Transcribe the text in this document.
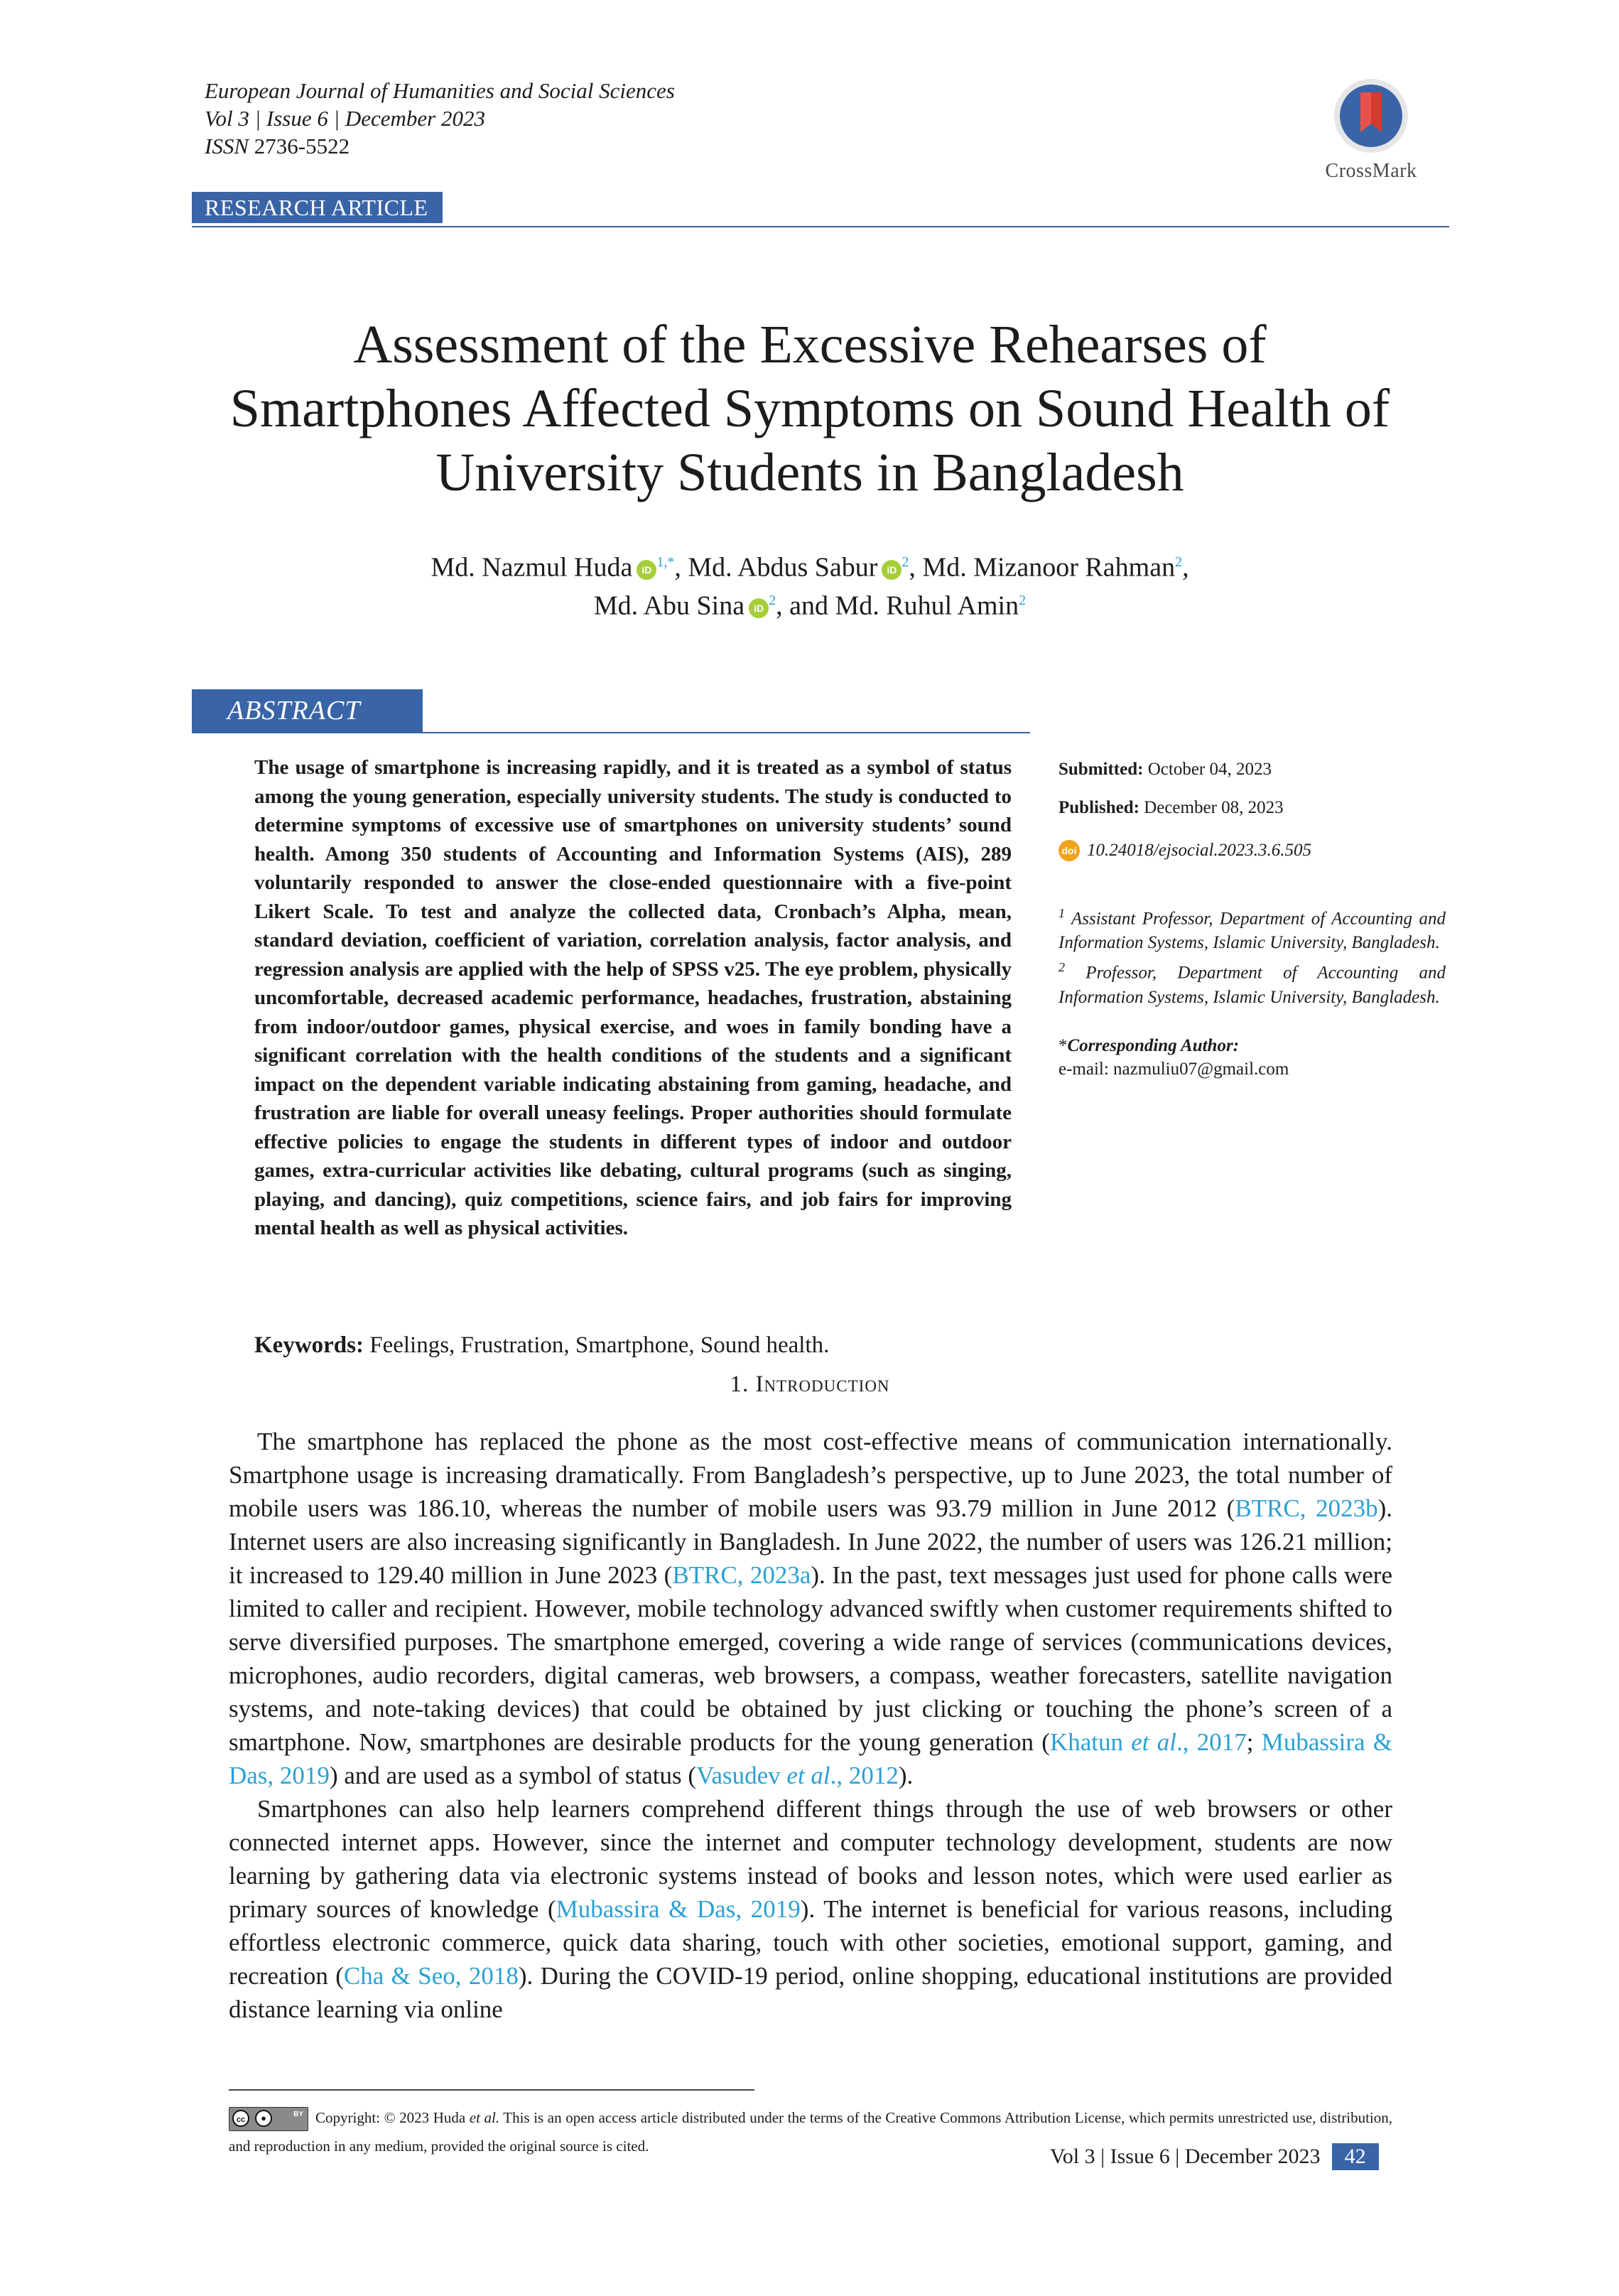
European Journal of Humanities and Social Sciences
Vol 3 | Issue 6 | December 2023
ISSN 2736-5522
CrossMark
RESEARCH ARTICLE
Assessment of the Excessive Rehearses of Smartphones Affected Symptoms on Sound Health of University Students in Bangladesh
Md. Nazmul Huda iD $^{1,*}$, Md. Abdus Sabur iD $^2$, Md. Mizanoor Rahman$^2$,
Md. Abu Sina iD $^2$, and Md. Ruhul Amin$^2$
ABSTRACT
The usage of smartphone is increasing rapidly, and it is treated as a symbol of status among the young generation, especially university students. The study is conducted to determine symptoms of excessive use of smartphones on university students’ sound health. Among 350 students of Accounting and Information Systems (AIS), 289 voluntarily responded to answer the close-ended questionnaire with a five-point Likert Scale. To test and analyze the collected data, Cronbach’s Alpha, mean, standard deviation, coefficient of variation, correlation analysis, factor analysis, and regression analysis are applied with the help of SPSS v25. The eye problem, physically uncomfortable, decreased academic performance, headaches, frustration, abstaining from indoor/outdoor games, physical exercise, and woes in family bonding have a significant correlation with the health conditions of the students and a significant impact on the dependent variable indicating abstaining from gaming, headache, and frustration are liable for overall uneasy feelings. Proper authorities should formulate effective policies to engage the students in different types of indoor and outdoor games, extra-curricular activities like debating, cultural programs (such as singing, playing, and dancing), quiz competitions, science fairs, and job fairs for improving mental health as well as physical activities.
Submitted: October 04, 2023
Published: December 08, 2023
doi 10.24018/ejsocial.2023.3.6.505
$^1$ Assistant Professor, Department of Accounting and Information Systems, Islamic University, Bangladesh.
$^2$ Professor, Department of Accounting and Information Systems, Islamic University, Bangladesh.
*Corresponding Author:
e-mail: nazmuliu07@gmail.com
Keywords: Feelings, Frustration, Smartphone, Sound health.
1. Introduction

The smartphone has replaced the phone as the most cost-effective means of communication internationally. Smartphone usage is increasing dramatically. From Bangladesh’s perspective, up to June 2023, the total number of mobile users was 186.10, whereas the number of mobile users was 93.79 million in June 2012 (BTRC, 2023b). Internet users are also increasing significantly in Bangladesh. In June 2022, the number of users was 126.21 million; it increased to 129.40 million in June 2023 (BTRC, 2023a). In the past, text messages just used for phone calls were limited to caller and recipient. However, mobile technology advanced swiftly when customer requirements shifted to serve diversified purposes. The smartphone emerged, covering a wide range of services (communications devices, microphones, audio recorders, digital cameras, web browsers, a compass, weather forecasters, satellite navigation systems, and note-taking devices) that could be obtained by just clicking or touching the phone’s screen of a smartphone. Now, smartphones are desirable products for the young generation (Khatun et al., 2017; Mubassira & Das, 2019) and are used as a symbol of status (Vasudev et al., 2012).

Smartphones can also help learners comprehend different things through the use of web browsers or other connected internet apps. However, since the internet and computer technology development, students are now learning by gathering data via electronic systems instead of books and lesson notes, which were used earlier as primary sources of knowledge (Mubassira & Das, 2019). The internet is beneficial for various reasons, including effortless electronic commerce, quick data sharing, touch with other societies, emotional support, gaming, and recreation (Cha & Seo, 2018). During the COVID-19 period, online shopping, educational institutions are provided distance learning via online

cc	●	BY Copyright: © 2023 Huda et al. This is an open access article distributed under the terms of the Creative Commons Attribution License, which permits unrestricted use, distribution, and reproduction in any medium, provided the original source is cited.	Vol 3 | Issue 6 | December 2023	42
